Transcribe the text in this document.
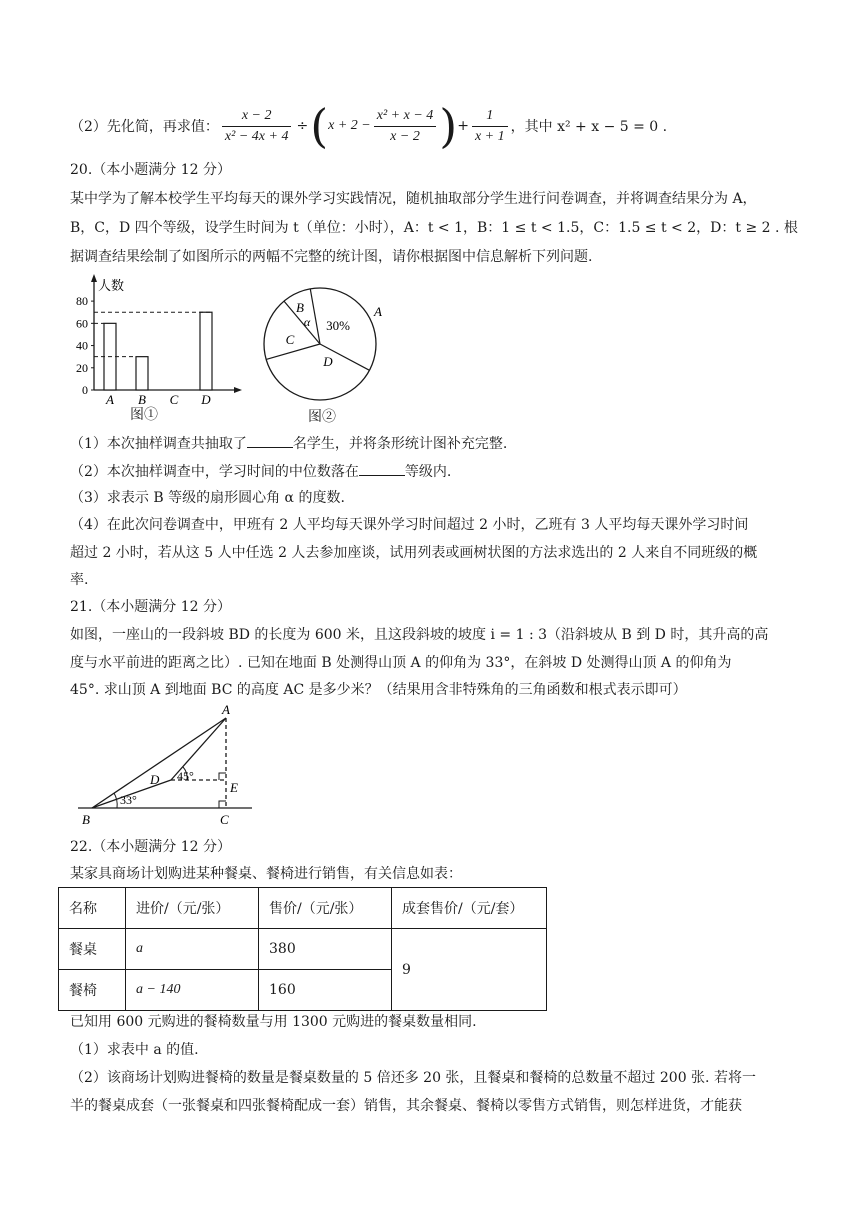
（2）先化简，再求值： $\frac{x - 2}{\text{x² − 4x + 4}}$ ÷ ( $x + 2 - \frac{\text{x² + x − 4}}{x - 2}$ ) + $\frac{1}{x + 1}$ ，其中 x² + x − 5 = 0 .
20.（本小题满分 12 分）
某中学为了解本校学生平均每天的课外学习实践情况，随机抽取部分学生进行问卷调查，并将调查结果分为 A，
B，C，D 四个等级，设学生时间为 t（单位：小时），A：t < 1，B：1 ≤ t < 1.5，C：1.5 ≤ t < 2，D：t ≥ 2 . 根
据调查结果绘制了如图所示的两幅不完整的统计图，请你根据图中信息解析下列问题.
人数
0
20
40
60
80
A B C D
图①
A
B
C
D
30%
α
图②
（1）本次抽样调查共抽取了	名学生，并将条形统计图补充完整.
（2）本次抽样调查中，学习时间的中位数落在	等级内.
（3）求表示 B 等级的扇形圆心角 α 的度数.
（4）在此次问卷调查中，甲班有 2 人平均每天课外学习时间超过 2 小时，乙班有 3 人平均每天课外学习时间
超过 2 小时，若从这 5 人中任选 2 人去参加座谈，试用列表或画树状图的方法求选出的 2 人来自不同班级的概
率.
21.（本小题满分 12 分）
如图，一座山的一段斜坡 BD 的长度为 600 米，且这段斜坡的坡度 i = 1 : 3（沿斜坡从 B 到 D 时，其升高的高
度与水平前进的距离之比）. 已知在地面 B 处测得山顶 A 的仰角为 33°，在斜坡 D 处测得山顶 A 的仰角为
45°. 求山顶 A 到地面 BC 的高度 AC 是多少米？（结果用含非特殊角的三角函数和根式表示即可）
A
B	C
D
E
33°
45°
22.（本小题满分 12 分）
某家具商场计划购进某种餐桌、餐椅进行销售，有关信息如表：
名称	进价/（元/张）	售价/（元/张）	成套售价/（元/套）
餐桌	a	380	9
餐椅	a − 140	160	
已知用 600 元购进的餐椅数量与用 1300 元购进的餐桌数量相同.
（1）求表中 a 的值.
（2）该商场计划购进餐椅的数量是餐桌数量的 5 倍还多 20 张，且餐桌和餐椅的总数量不超过 200 张. 若将一
半的餐桌成套（一张餐桌和四张餐椅配成一套）销售，其余餐桌、餐椅以零售方式销售，则怎样进货，才能获
